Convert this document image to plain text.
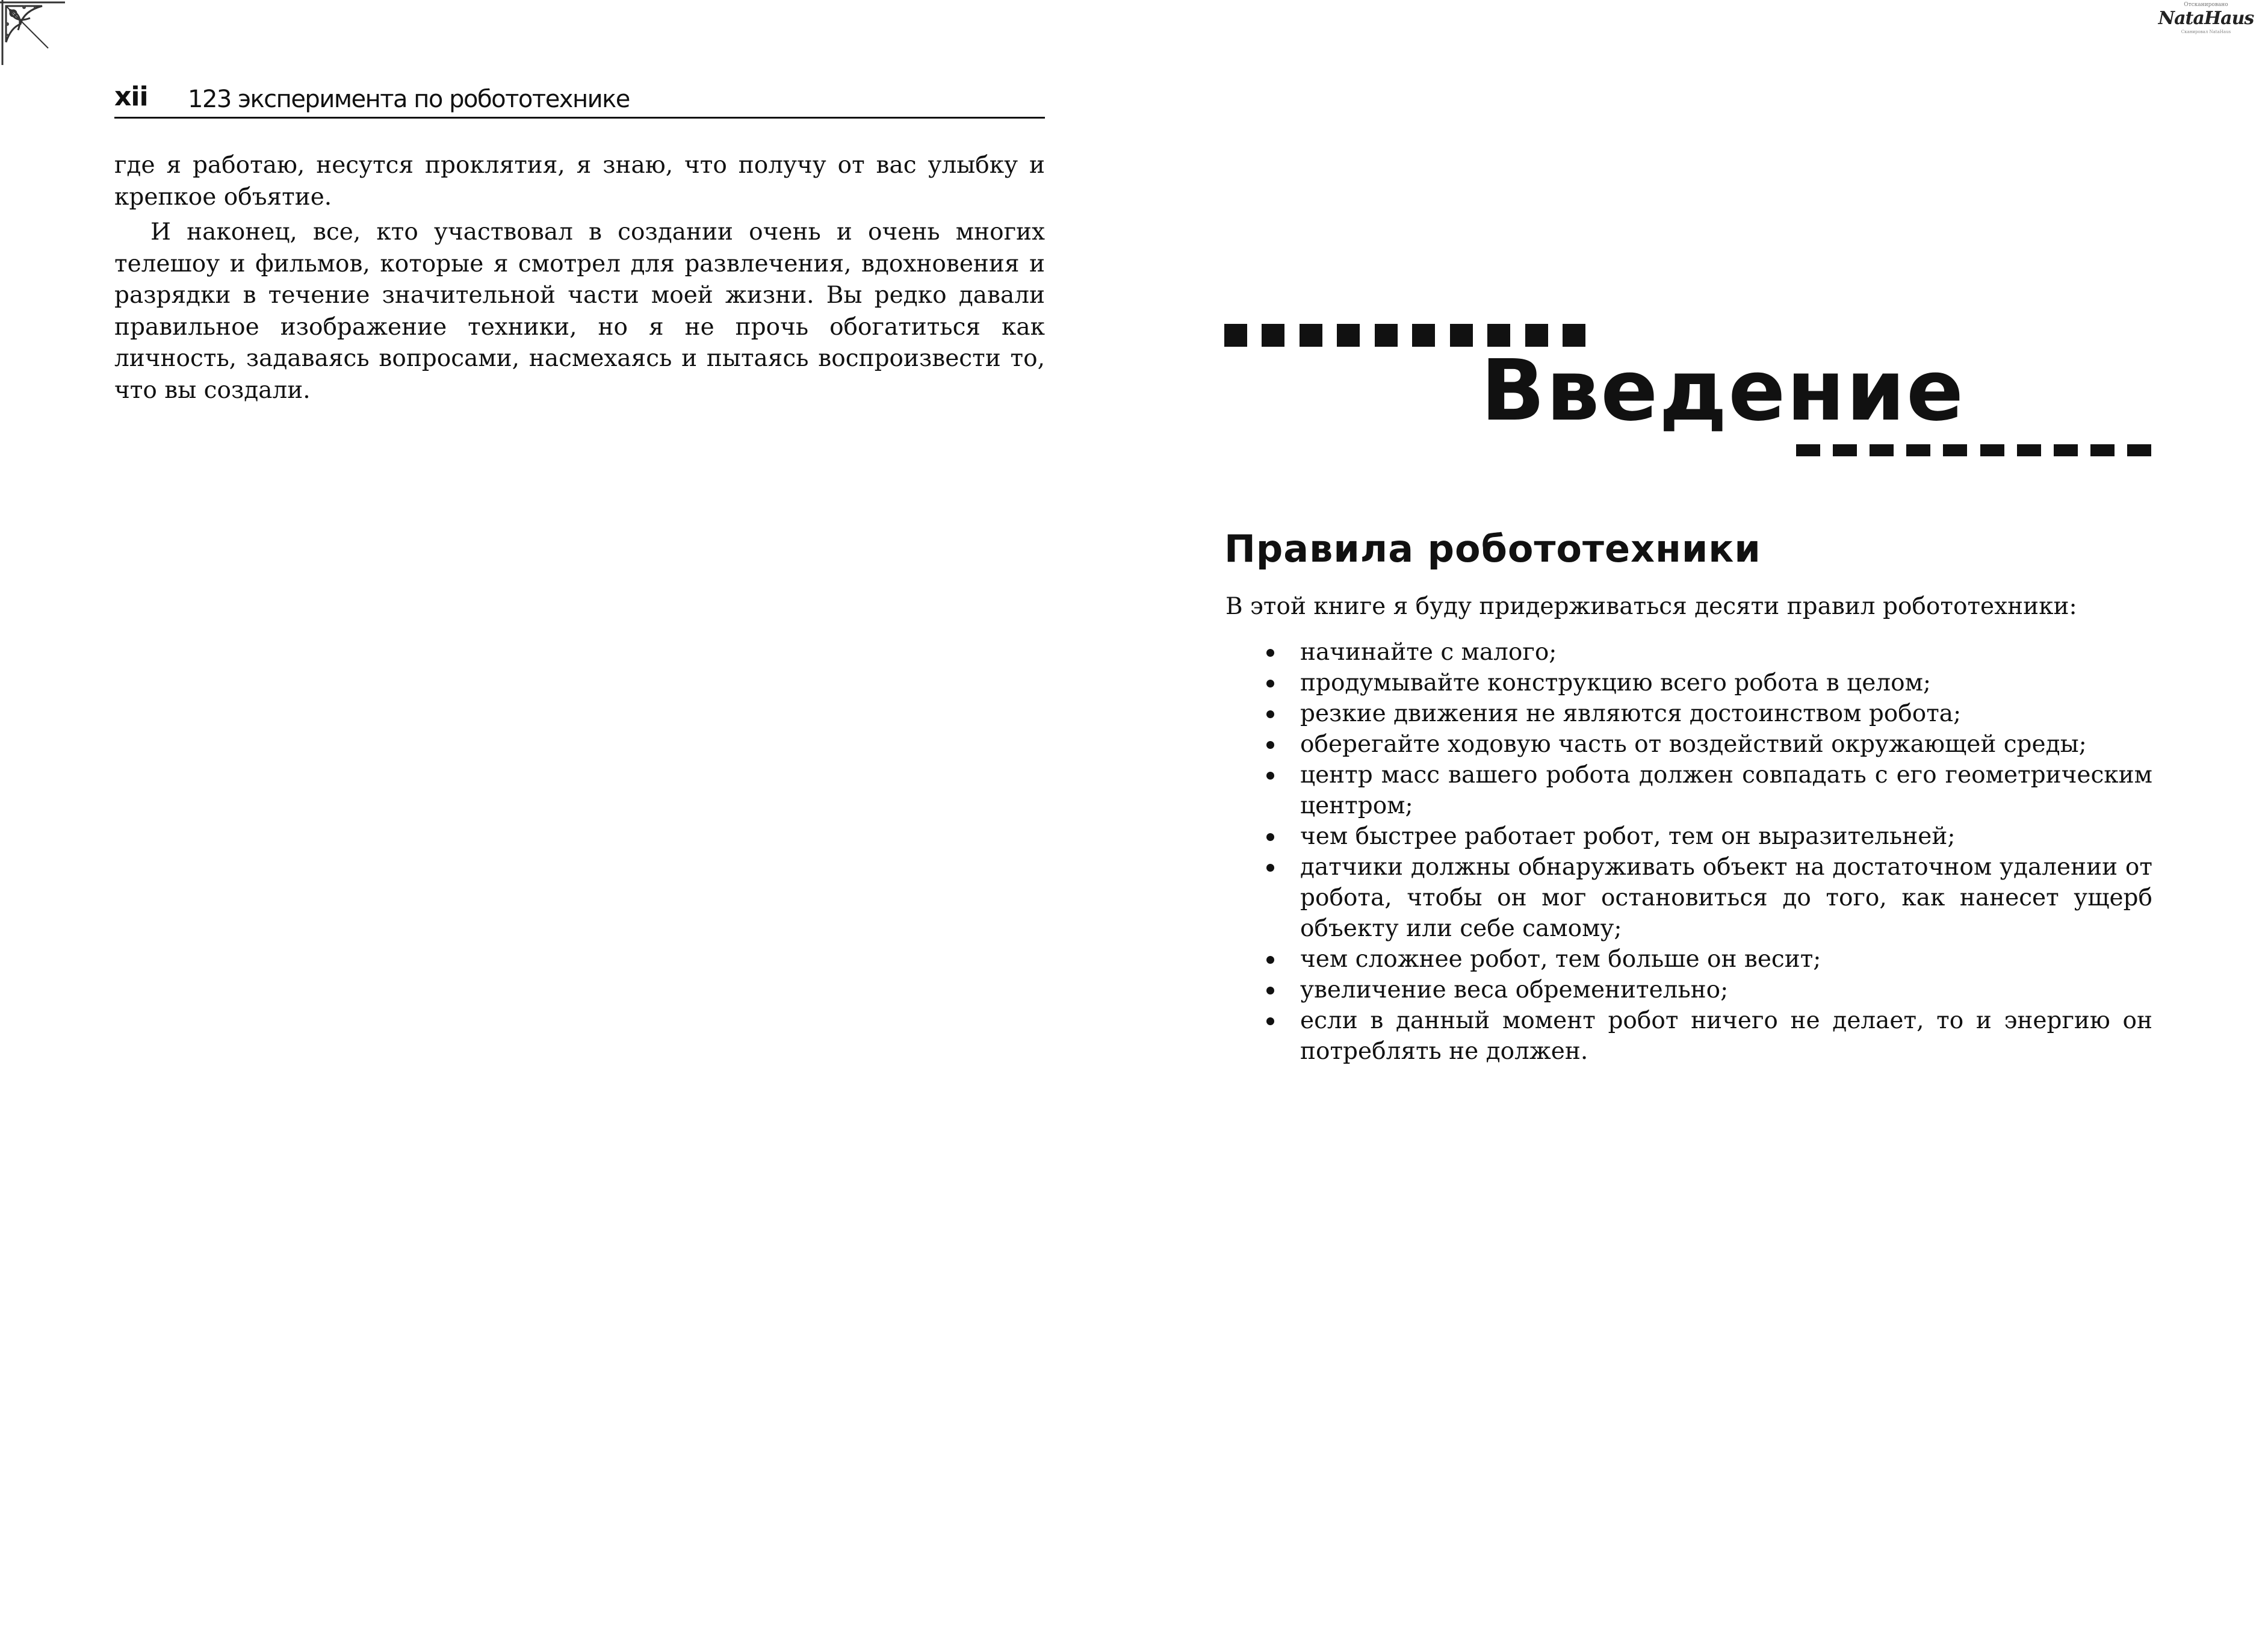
Отсканировано
NataHaus
Сканировал NataHaus
xii 123 эксперимента по робототехнике

где я работаю, несутся проклятия, я знаю, что получу от вас улыбку и крепкое объятие.

И наконец, все, кто участвовал в создании очень и очень многих телешоу и фильмов, которые я смотрел для развлечения, вдохновения и разрядки в течение значительной части моей жизни. Вы редко давали правильное изображение техники, но я не прочь обогатиться как личность, задаваясь вопросами, насмехаясь и пытаясь воспроизвести то, что вы создали.	Введение
Правила робототехники
В этой книге я буду придерживаться десяти правил робототехники:
начинайте с малого;
продумывайте конструкцию всего робота в целом;
резкие движения не являются достоинством робота;
оберегайте ходовую часть от воздействий окружающей среды;
центр масс вашего робота должен совпадать с его геометрическим центром;
чем быстрее работает робот, тем он выразительней;
датчики должны обнаруживать объект на достаточном удалении от робота, чтобы он мог остановиться до того, как нанесет ущерб объекту или себе самому;
чем сложнее робот, тем больше он весит;
увеличение веса обременительно;
если в данный момент робот ничего не делает, то и энергию он потреблять не должен.
